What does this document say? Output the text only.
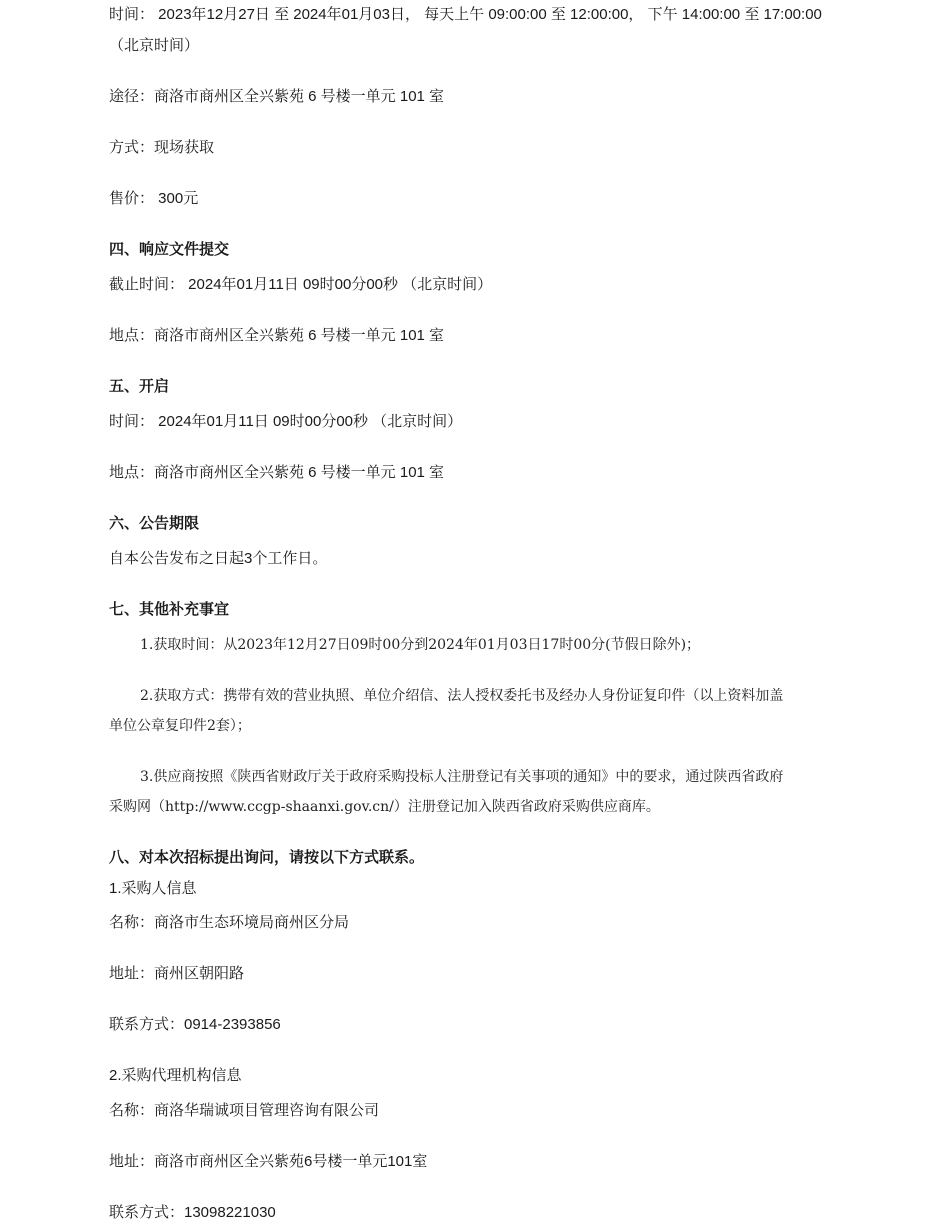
时间： 2023年12月27日 至 2024年01月03日， 每天上午 09:00:00 至 12:00:00， 下午 14:00:00 至 17:00:00
（北京时间）
途径：商洛市商州区全兴紫苑 6 号楼一单元 101 室
方式：现场获取
售价： 300元
四、响应文件提交
截止时间： 2024年01月11日 09时00分00秒 （北京时间）
地点：商洛市商州区全兴紫苑 6 号楼一单元 101 室
五、开启
时间： 2024年01月11日 09时00分00秒 （北京时间）
地点：商洛市商州区全兴紫苑 6 号楼一单元 101 室
六、公告期限
自本公告发布之日起3个工作日。
七、其他补充事宜
1.获取时间：从2023年12月27日09时00分到2024年01月03日17时00分(节假日除外)；
2.获取方式：携带有效的营业执照、单位介绍信、法人授权委托书及经办人身份证复印件（以上资料加盖
单位公章复印件2套）；
3.供应商按照《陕西省财政厅关于政府采购投标人注册登记有关事项的通知》中的要求，通过陕西省政府
采购网（http://www.ccgp-shaanxi.gov.cn/）注册登记加入陕西省政府采购供应商库。
八、对本次招标提出询问，请按以下方式联系。
1.采购人信息
名称：商洛市生态环境局商州区分局
地址：商州区朝阳路
联系方式：0914-2393856
2.采购代理机构信息
名称：商洛华瑞诚项目管理咨询有限公司
地址：商洛市商州区全兴紫苑6号楼一单元101室
联系方式：13098221030
